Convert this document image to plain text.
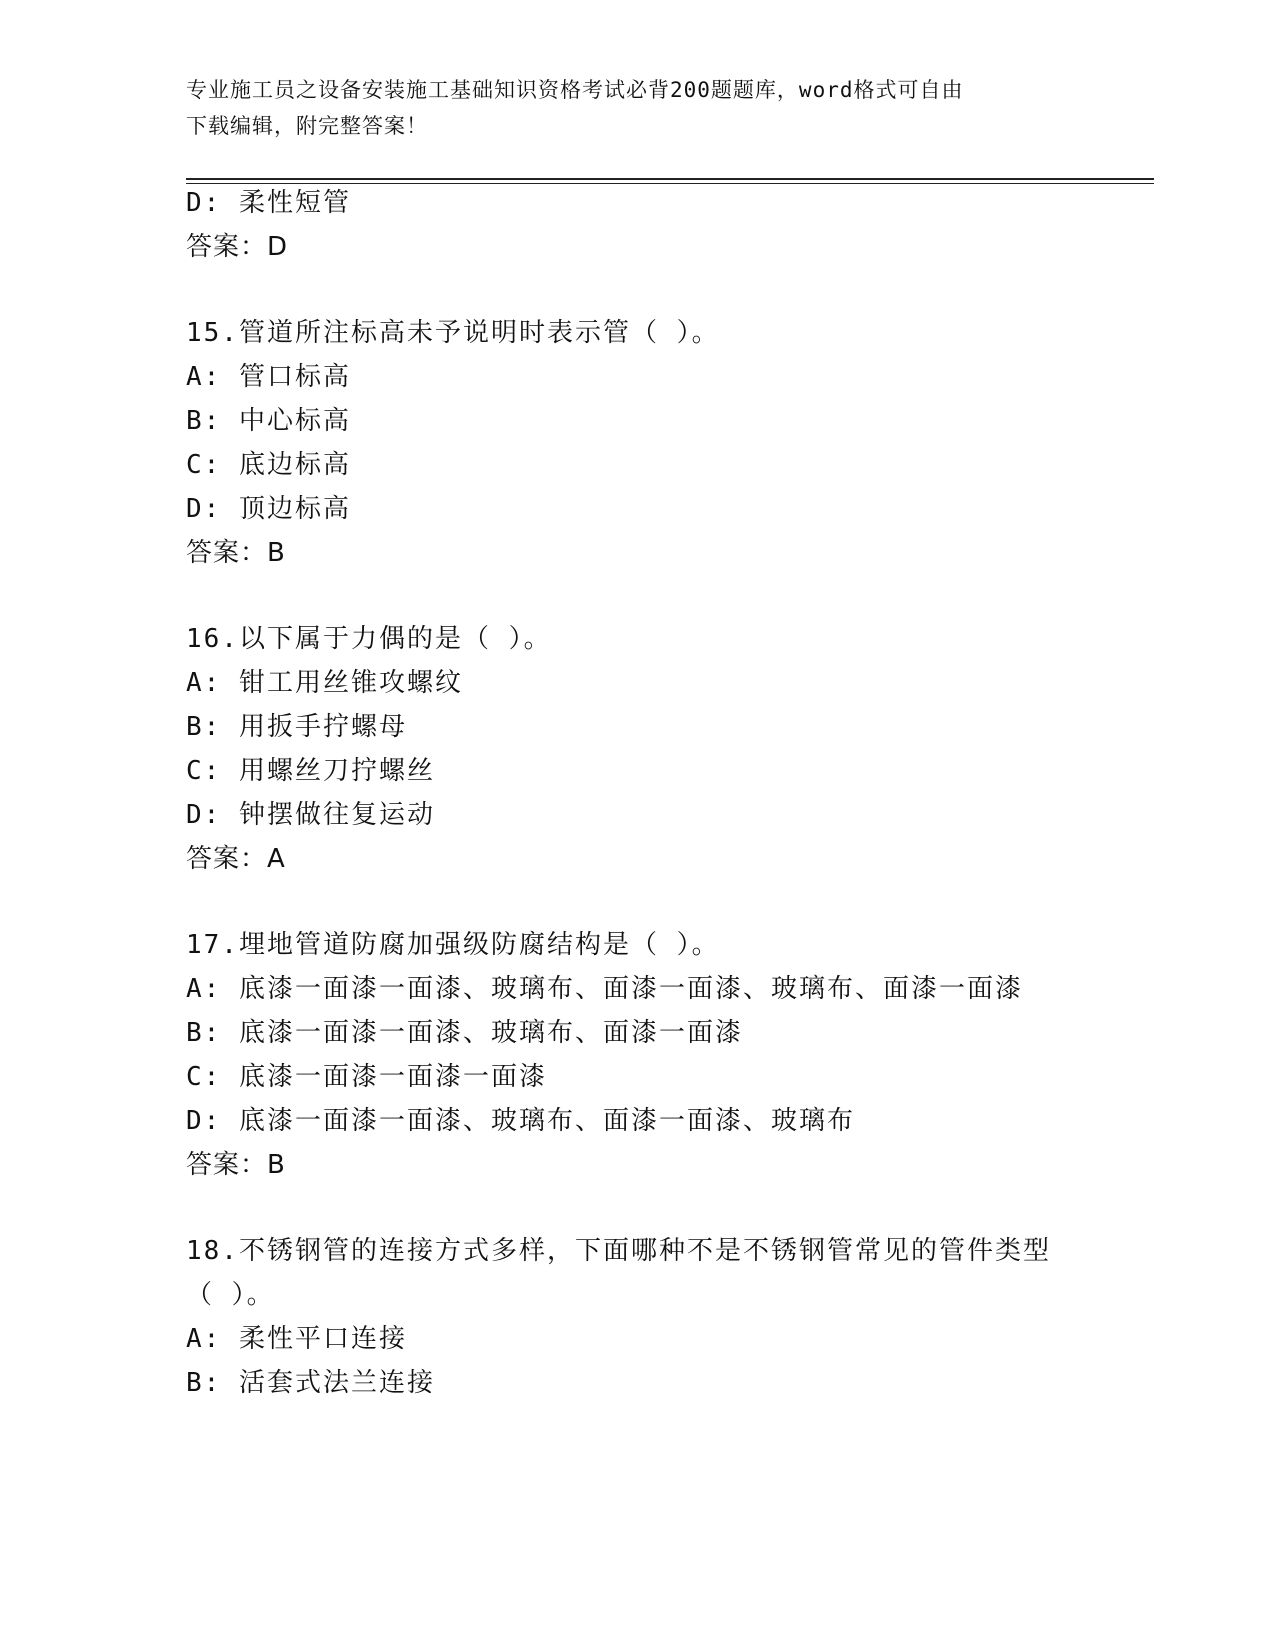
专业施工员之设备安装施工基础知识资格考试必背200题题库，word格式可自由
下载编辑，附完整答案！
D: 柔性短管
答案：D
15.管道所注标高未予说明时表示管（ ）。
A: 管口标高
B: 中心标高
C: 底边标高
D: 顶边标高
答案：B
16.以下属于力偶的是（ ）。
A: 钳工用丝锥攻螺纹
B: 用扳手拧螺母
C: 用螺丝刀拧螺丝
D: 钟摆做往复运动
答案：A
17.埋地管道防腐加强级防腐结构是（ ）。
A: 底漆一面漆一面漆、玻璃布、面漆一面漆、玻璃布、面漆一面漆
B: 底漆一面漆一面漆、玻璃布、面漆一面漆
C: 底漆一面漆一面漆一面漆
D: 底漆一面漆一面漆、玻璃布、面漆一面漆、玻璃布
答案：B
18.不锈钢管的连接方式多样，下面哪种不是不锈钢管常见的管件类型
（ ）。
A: 柔性平口连接
B: 活套式法兰连接
